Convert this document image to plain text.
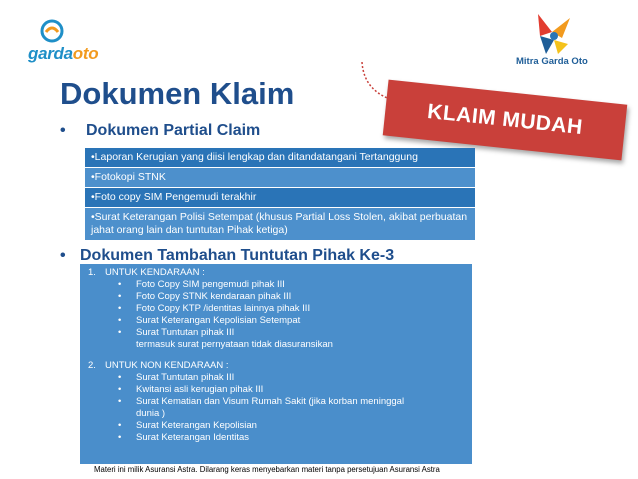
gardaoto	Mitra Garda Oto
Dokumen Klaim
KLAIM MUDAH
• Dokumen Partial Claim
•Laporan Kerugian yang diisi lengkap dan ditandatangani Tertanggung
•Fotokopi STNK
•Foto copy SIM Pengemudi terakhir
•Surat Keterangan Polisi Setempat (khusus Partial Loss Stolen, akibat perbuatan jahat orang lain dan tuntutan Pihak ketiga)
• Dokumen Tambahan Tuntutan Pihak Ke-3
1. UNTUK KENDARAAN :
• Foto Copy SIM pengemudi pihak III
• Foto Copy STNK kendaraan pihak III
• Foto Copy KTP /identitas lainnya pihak III
• Surat Keterangan Kepolisian Setempat
• Surat Tuntutan pihak III
termasuk surat pernyataan tidak diasuransikan
2. UNTUK NON KENDARAAN :
• Surat Tuntutan pihak III
• Kwitansi asli kerugian pihak III
• Surat Kematian dan Visum Rumah Sakit (jika korban meninggal
dunia )
• Surat Keterangan Kepolisian
• Surat Keterangan Identitas
Materi ini milik Asuransi Astra. Dilarang keras menyebarkan materi tanpa persetujuan Asuransi Astra
